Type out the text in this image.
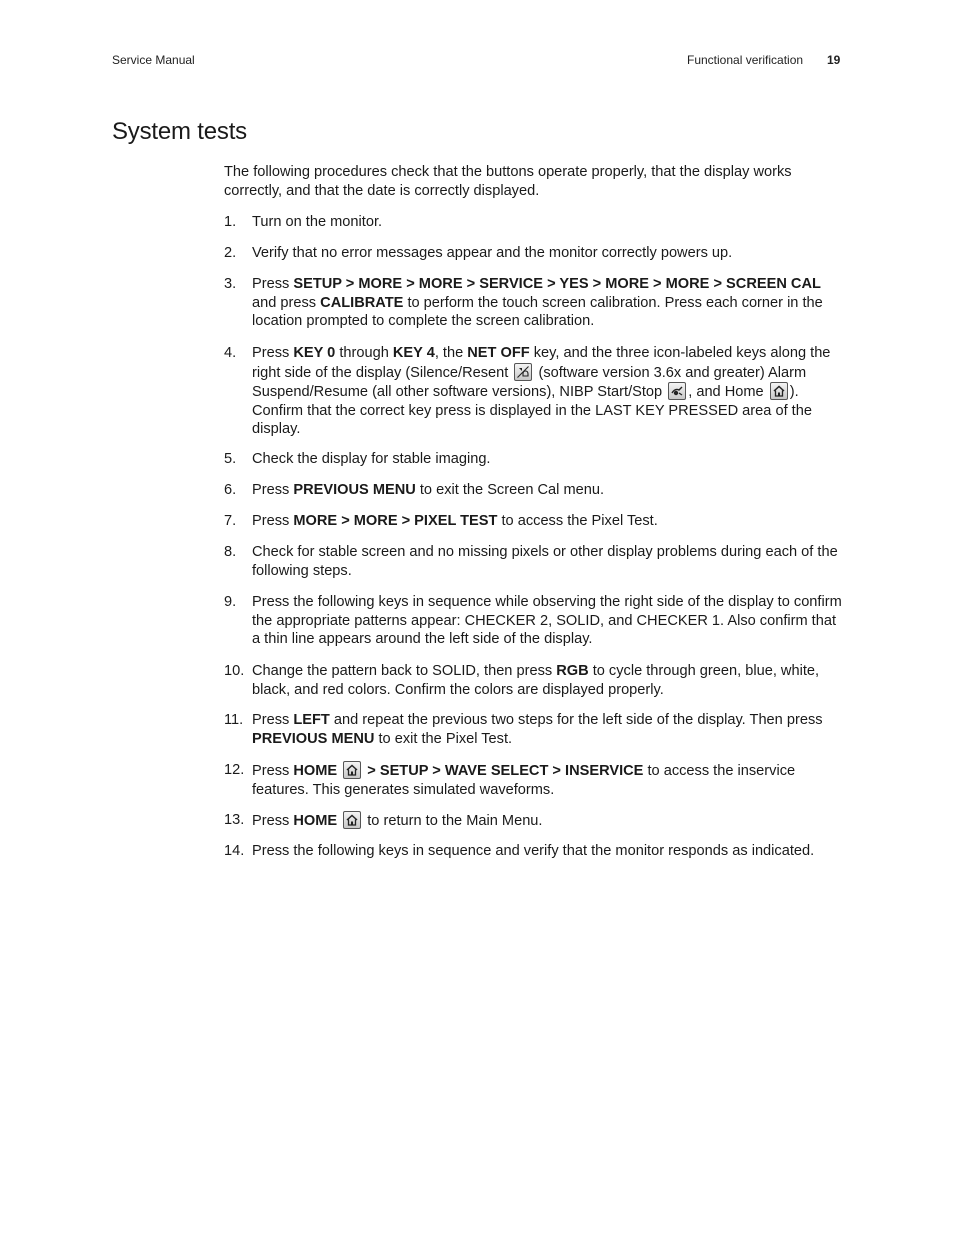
Service Manual	Functional verification 19
System tests

The following procedures check that the buttons operate properly, that the display works correctly, and that the date is correctly displayed.

1. Turn on the monitor.
2. Verify that no error messages appear and the monitor correctly powers up.
3. Press SETUP > MORE > MORE > SERVICE > YES > MORE > MORE > SCREEN CAL and press CALIBRATE to perform the touch screen calibration. Press each corner in the location prompted to complete the screen calibration.
4. Press KEY 0 through KEY 4, the NET OFF key, and the three icon-labeled keys along the right side of the display (Silence/Resent
(software version 3.6x and greater) Alarm Suspend/Resume (all other software versions), NIBP Start/Stop
, and Home
). Confirm that the correct key press is displayed in the LAST KEY PRESSED area of the display.
5. Check the display for stable imaging.
6. Press PREVIOUS MENU to exit the Screen Cal menu.
7. Press MORE > MORE > PIXEL TEST to access the Pixel Test.
8. Check for stable screen and no missing pixels or other display problems during each of the following steps.
9. Press the following keys in sequence while observing the right side of the display to confirm the appropriate patterns appear: CHECKER 2, SOLID, and CHECKER 1. Also confirm that a thin line appears around the left side of the display.
10. Change the pattern back to SOLID, then press RGB to cycle through green, blue, white, black, and red colors. Confirm the colors are displayed properly.
11. Press LEFT and repeat the previous two steps for the left side of the display. Then press PREVIOUS MENU to exit the Pixel Test.
12. Press HOME > SETUP > WAVE SELECT > INSERVICE to access the inservice features. This generates simulated waveforms.
13. Press HOME
to return to the Main Menu.
14. Press the following keys in sequence and verify that the monitor responds as indicated.
